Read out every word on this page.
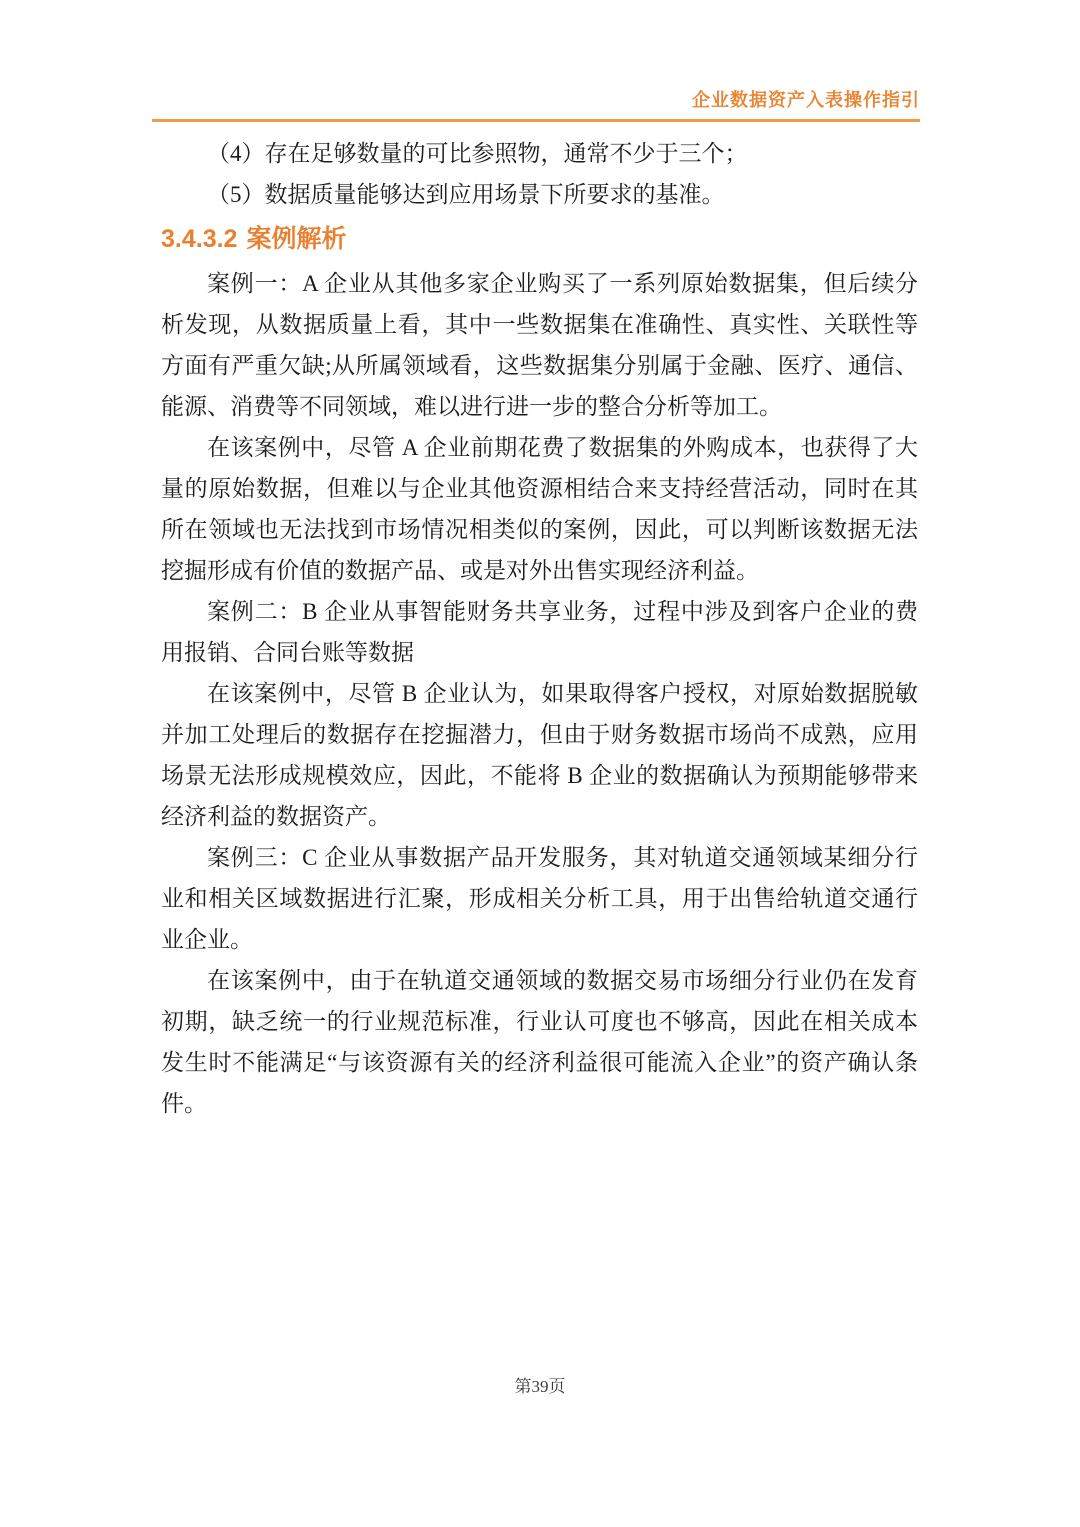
企业数据资产入表操作指引

（4）存在足够数量的可比参照物，通常不少于三个；

（5）数据质量能够达到应用场景下所要求的基准。

3.4.3.2 案例解析

案例一：A 企业从其他多家企业购买了一系列原始数据集，但后续分析发现，从数据质量上看，其中一些数据集在准确性、真实性、关联性等方面有严重欠缺;从所属领域看，这些数据集分别属于金融、医疗、通信、能源、消费等不同领域，难以进行进一步的整合分析等加工。

在该案例中，尽管 A 企业前期花费了数据集的外购成本，也获得了大量的原始数据，但难以与企业其他资源相结合来支持经营活动，同时在其所在领域也无法找到市场情况相类似的案例，因此，可以判断该数据无法挖掘形成有价值的数据产品、或是对外出售实现经济利益。

案例二：B 企业从事智能财务共享业务，过程中涉及到客户企业的费用报销、合同台账等数据

在该案例中，尽管 B 企业认为，如果取得客户授权，对原始数据脱敏并加工处理后的数据存在挖掘潜力，但由于财务数据市场尚不成熟，应用场景无法形成规模效应，因此，不能将 B 企业的数据确认为预期能够带来经济利益的数据资产。

案例三：C 企业从事数据产品开发服务，其对轨道交通领域某细分行业和相关区域数据进行汇聚，形成相关分析工具，用于出售给轨道交通行业企业。

在该案例中，由于在轨道交通领域的数据交易市场细分行业仍在发育初期，缺乏统一的行业规范标准，行业认可度也不够高，因此在相关成本发生时不能满足“与该资源有关的经济利益很可能流入企业”的资产确认条件。

第39页
